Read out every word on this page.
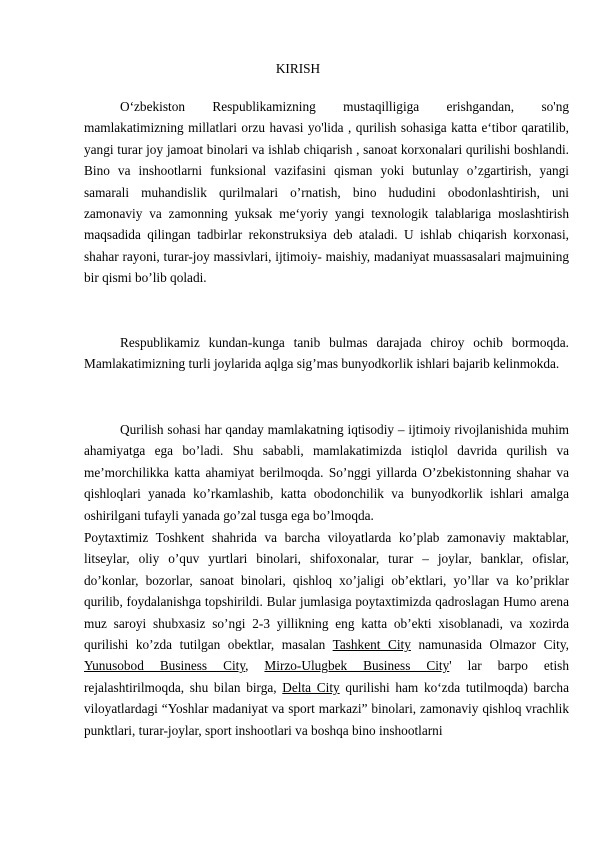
KIRISH

O‘zbekiston Respublikamizning mustaqilligiga erishgandan, so'ng mamlakatimizning millatlari orzu havasi yo'lida , qurilish sohasiga katta e‘tibor qaratilib, yangi turar joy jamoat binolari va ishlab chiqarish , sanoat korxonalari qurilishi boshlandi. Bino va inshootlarni funksional vazifasini qisman yoki butunlay o’zgartirish, yangi samarali muhandislik qurilmalari o’rnatish, bino hududini obodonlashtirish, uni zamonaviy va zamonning yuksak me‘yoriy yangi texnologik talablariga moslashtirish maqsadida qilingan tadbirlar rekonstruksiya deb ataladi. U ishlab chiqarish korxonasi, shahar rayoni, turar-joy massivlari, ijtimoiy- maishiy, madaniyat muassasalari majmuining bir qismi bo’lib qoladi.

Respublikamiz kundan-kunga tanib bulmas darajada chiroy ochib bormoqda. Mamlakatimizning turli joylarida aqlga sig’mas bunyodkorlik ishlari bajarib kelinmokda.

Qurilish sohasi har qanday mamlakatning iqtisodiy – ijtimoiy rivojlanishida muhim ahamiyatga ega bo’ladi. Shu sababli, mamlakatimizda istiqlol davrida qurilish va me’morchilikka katta ahamiyat berilmoqda. So’nggi yillarda O’zbekistonning shahar va qishloqlari yanada ko’rkamlashib, katta obodonchilik va bunyodkorlik ishlari amalga oshirilgani tufayli yanada go’zal tusga ega bo’lmoqda.

Poytaxtimiz Toshkent shahrida va barcha viloyatlarda ko’plab zamonaviy maktablar, litseylar, oliy o’quv yurtlari binolari, shifoxonalar, turar – joylar, banklar, ofislar, do’konlar, bozorlar, sanoat binolari, qishloq xo’jaligi ob’ektlari, yo’llar va ko’priklar qurilib, foydalanishga topshirildi. Bular jumlasiga poytaxtimizda qadroslagan Humo arena muz saroyi shubxasiz so’ngi 2-3 yillikning eng katta ob’ekti xisoblanadi, va xozirda qurilishi ko’zda tutilgan obektlar, masalan Tashkent City namunasida Olmazor City, Yunusobod Business City, Mirzo-Ulugbek Business City' lar barpo etish rejalashtirilmoqda, shu bilan birga, Delta City qurilishi ham ko‘zda tutilmoqda) barcha viloyatlardagi “Yoshlar madaniyat va sport markazi” binolari, zamonaviy qishloq vrachlik punktlari, turar-joylar, sport inshootlari va boshqa bino inshootlarni
